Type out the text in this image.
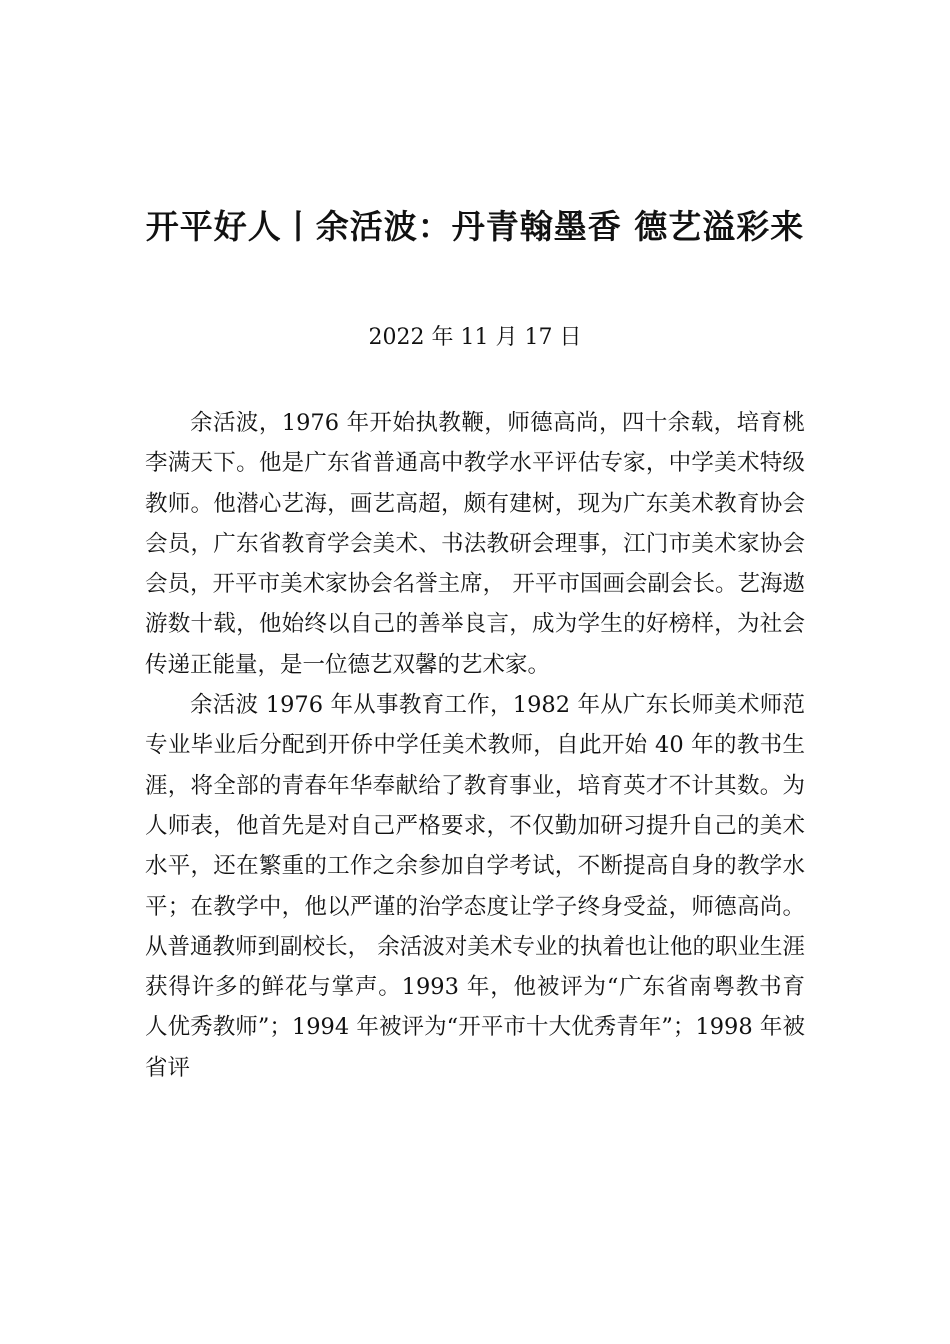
开平好人丨余活波：丹青翰墨香 德艺溢彩来
2022 年 11 月 17 日

余活波，1976 年开始执教鞭，师德高尚，四十余载，培育桃李满天下。他是广东省普通高中教学水平评估专家，中学美术特级教师。他潜心艺海，画艺高超，颇有建树，现为广东美术教育协会会员，广东省教育学会美术、书法教研会理事，江门市美术家协会会员，开平市美术家协会名誉主席， 开平市国画会副会长。艺海遨游数十载，他始终以自己的善举良言，成为学生的好榜样，为社会传递正能量，是一位德艺双馨的艺术家。

余活波 1976 年从事教育工作，1982 年从广东长师美术师范专业毕业后分配到开侨中学任美术教师，自此开始 40 年的教书生涯，将全部的青春年华奉献给了教育事业，培育英才不计其数。为人师表，他首先是对自己严格要求，不仅勤加研习提升自己的美术水平，还在繁重的工作之余参加自学考试，不断提高自身的教学水平；在教学中，他以严谨的治学态度让学子终身受益，师德高尚。从普通教师到副校长， 余活波对美术专业的执着也让他的职业生涯获得许多的鲜花与掌声。1993 年，他被评为“广东省南粤教书育人优秀教师”；1994 年被评为“开平市十大优秀青年”；1998 年被省评
